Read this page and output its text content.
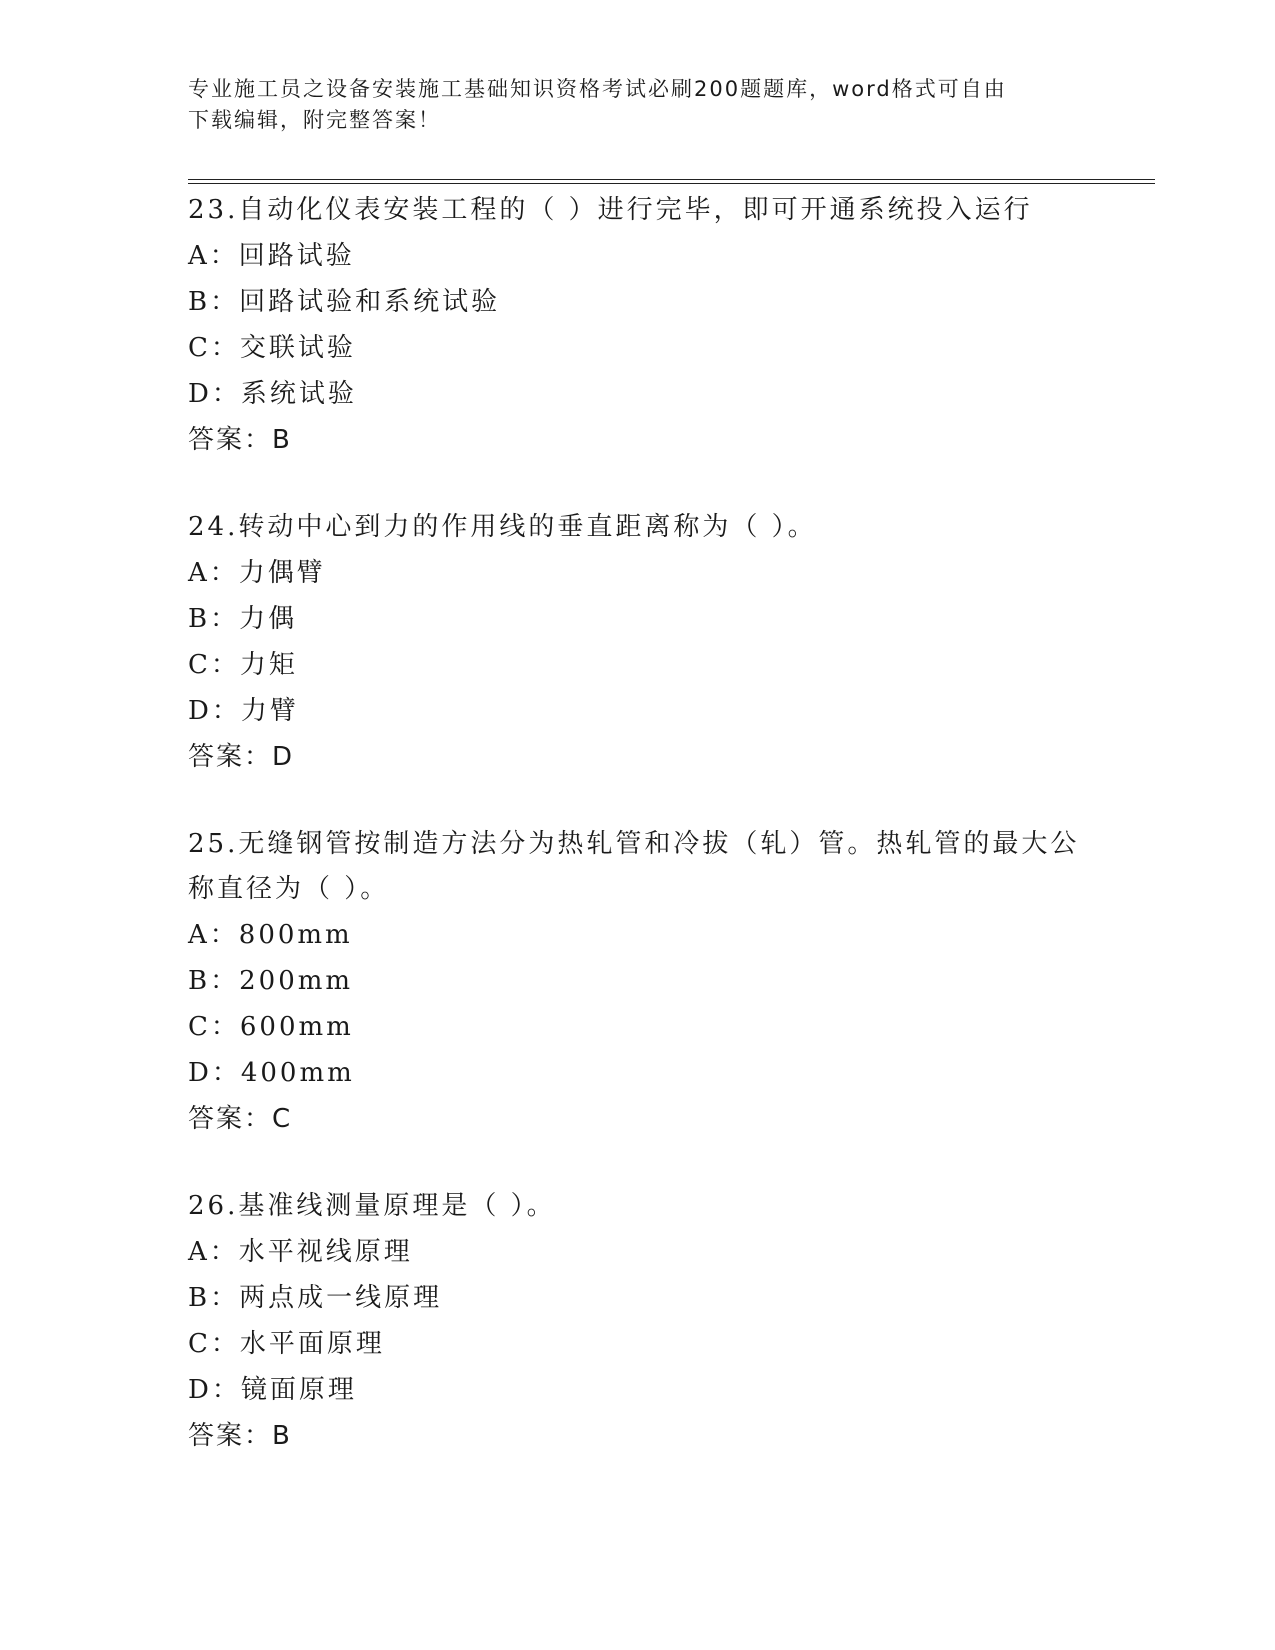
专业施工员之设备安装施工基础知识资格考试必刷200题题库，word格式可自由
下载编辑，附完整答案！

23.自动化仪表安装工程的（ ）进行完毕，即可开通系统投入运行

A：回路试验

B：回路试验和系统试验

C：交联试验

D：系统试验

答案：B

24.转动中心到力的作用线的垂直距离称为（ ）。

A：力偶臂

B：力偶

C：力矩

D：力臂

答案：D

25.无缝钢管按制造方法分为热轧管和冷拔（轧）管。热轧管的最大公

称直径为（ ）。

A：800mm

B：200mm

C：600mm

D：400mm

答案：C

26.基准线测量原理是（ ）。

A：水平视线原理

B：两点成一线原理

C：水平面原理

D：镜面原理

答案：B
